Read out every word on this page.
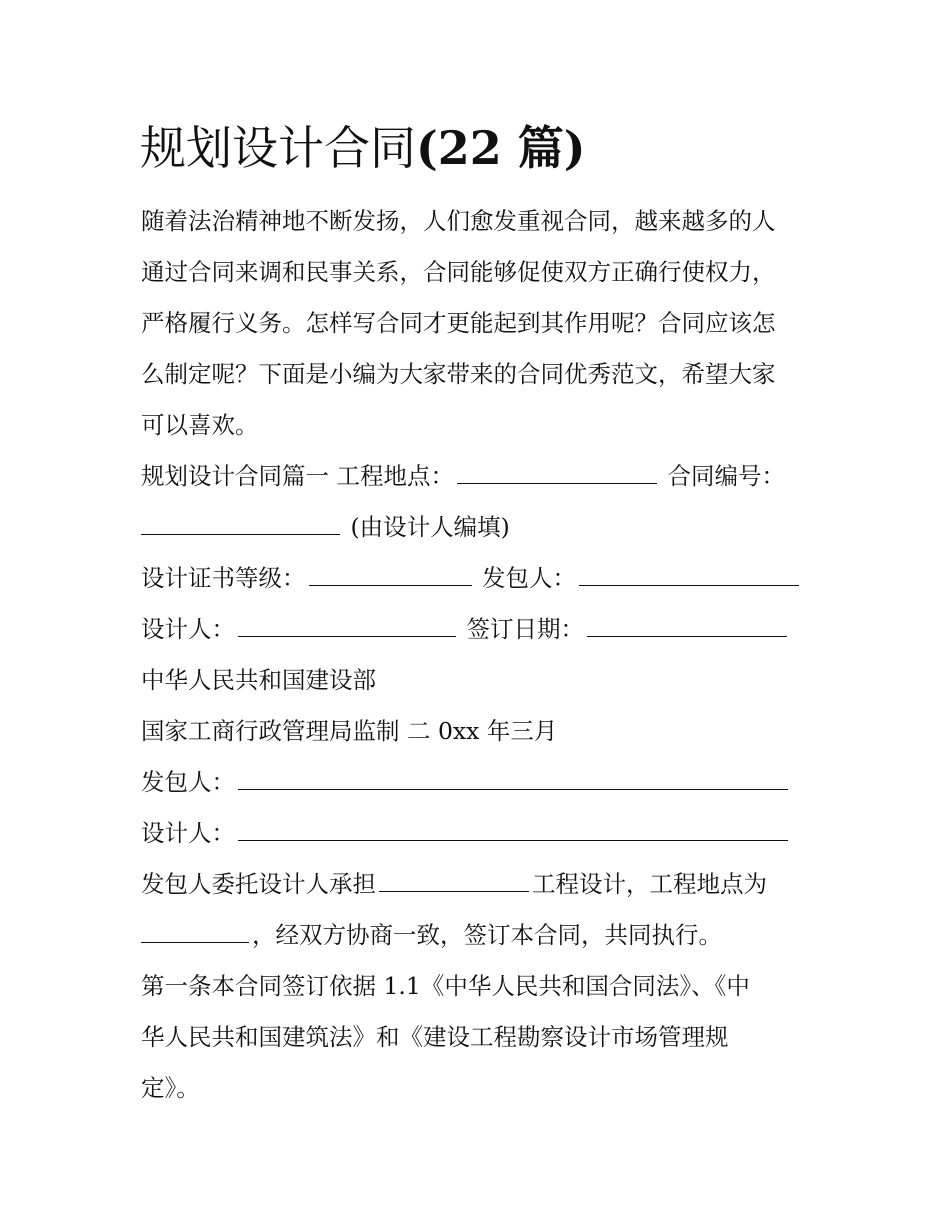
规划设计合同(22 篇)
随着法治精神地不断发扬，人们愈发重视合同，越来越多的人
通过合同来调和民事关系，合同能够促使双方正确行使权力，
严格履行义务。怎样写合同才更能起到其作用呢？合同应该怎
么制定呢？下面是小编为大家带来的合同优秀范文，希望大家
可以喜欢。
规划设计合同篇一 工程地点：	合同编号：
(由设计人编填)
设计证书等级：	发包人：
设计人：	签订日期：
中华人民共和国建设部
国家工商行政管理局监制 二 0xx 年三月
发包人：
设计人：
发包人委托设计人承担	工程设计，工程地点为
，经双方协商一致，签订本合同，共同执行。
第一条本合同签订依据 1.1《中华人民共和国合同法》、《中
华人民共和国建筑法》和《建设工程勘察设计市场管理规
定》。
